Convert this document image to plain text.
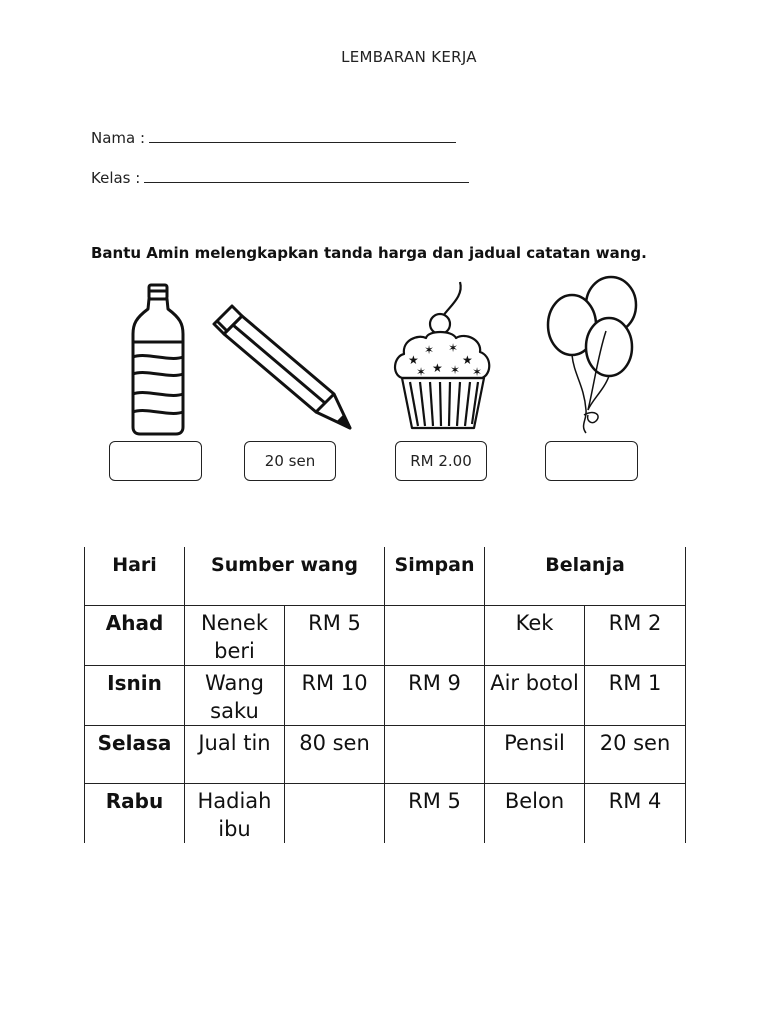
LEMBARAN KERJA
Nama :
Kelas :
Bantu Amin melengkapkan tanda harga dan jadual catatan wang.
★
✶ ✶
★
★
✶ ✶ ✶
20 sen	RM 2.00
Hari	Sumber wang		Simpan	Belanja	
Ahad	Nenek beri	RM 5		Kek	RM 2
Isnin	Wang saku	RM 10	RM 9	Air botol	RM 1
Selasa	Jual tin	80 sen		Pensil	20 sen
Rabu	Hadiah ibu		RM 5	Belon	RM 4
